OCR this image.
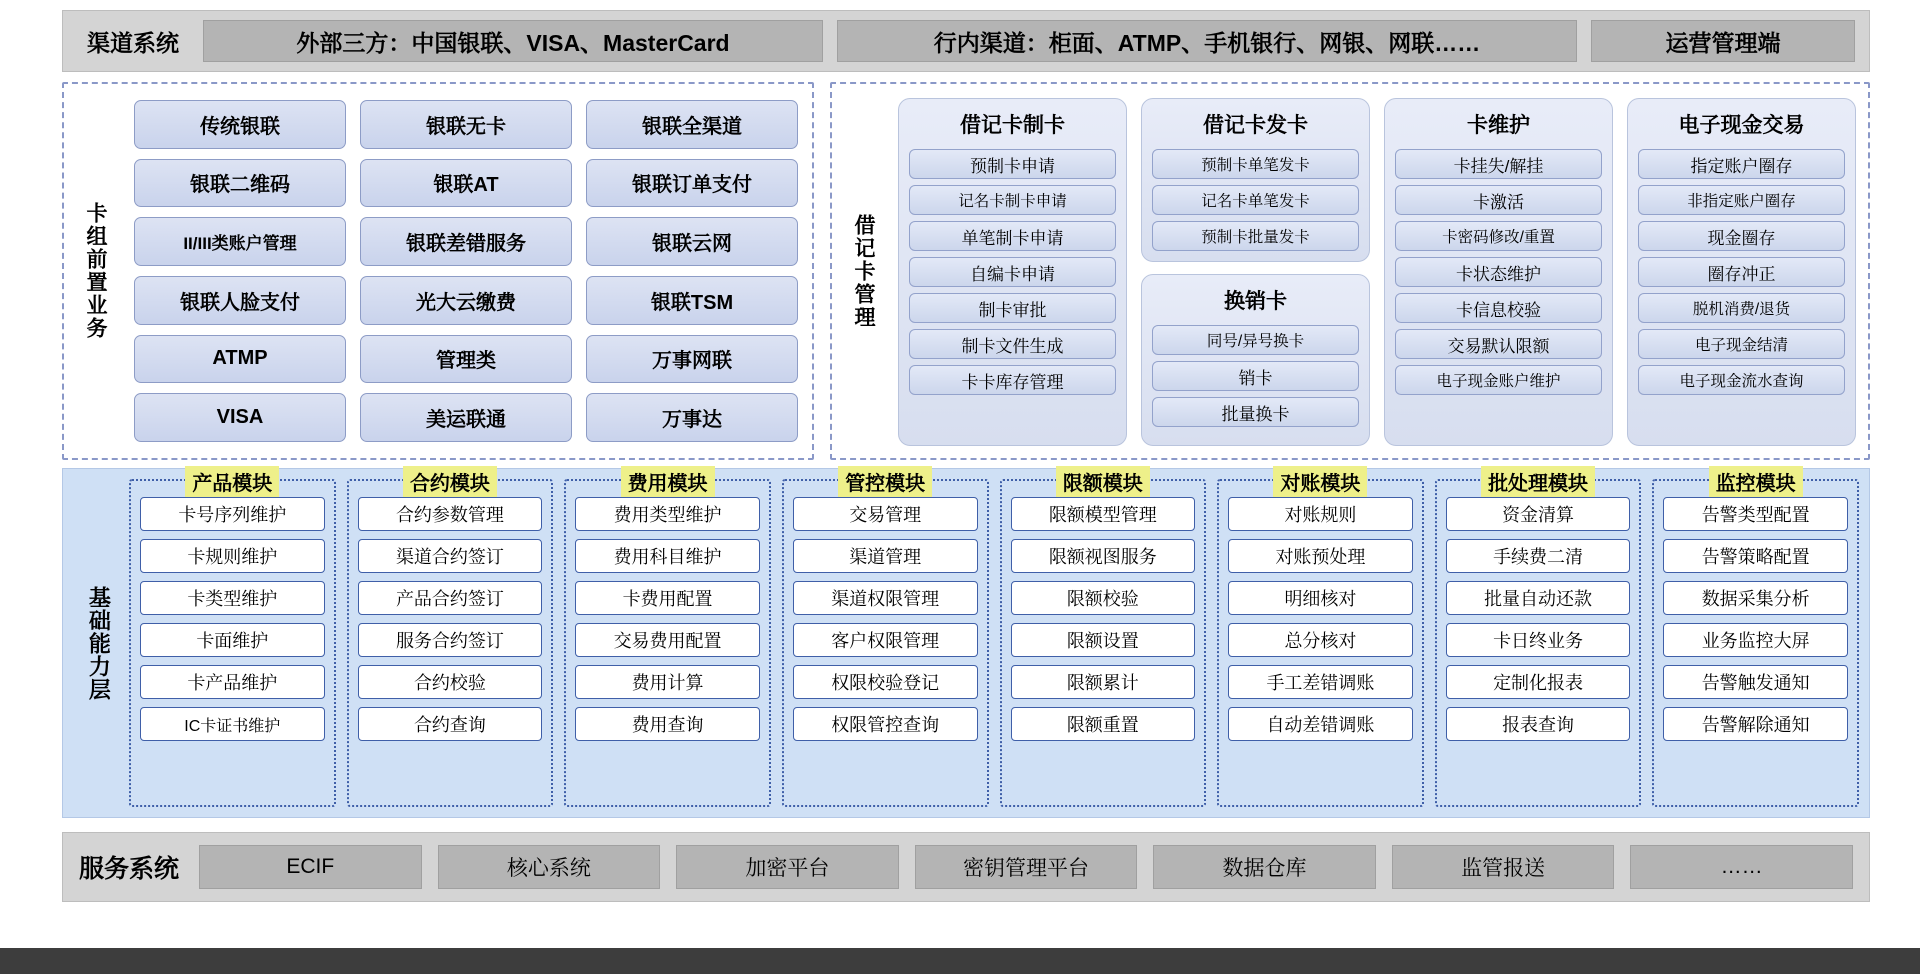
渠道系统	外部三方：中国银联、VISA、MasterCard	行内渠道：柜面、ATMP、手机银行、网银、网联……	运营管理端
卡组前置业务
传统银联	银联无卡	银联全渠道
银联二维码	银联AT	银联订单支付
II/III类账户管理	银联差错服务	银联云网
银联人脸支付	光大云缴费	银联TSM
ATMP	管理类	万事网联
VISA	美运联通	万事达
借记卡管理
借记卡制卡
预制卡申请
记名卡制卡申请
单笔制卡申请
自编卡申请
制卡审批
制卡文件生成
卡卡库存管理
借记卡发卡
预制卡单笔发卡
记名卡单笔发卡
预制卡批量发卡
换销卡
同号/异号换卡
销卡
批量换卡
卡维护
卡挂失/解挂
卡激活
卡密码修改/重置
卡状态维护
卡信息校验
交易默认限额
电子现金账户维护
电子现金交易
指定账户圈存
非指定账户圈存
现金圈存
圈存冲正
脱机消费/退货
电子现金结清
电子现金流水查询
基础能力层
产品模块
卡号序列维护
卡规则维护
卡类型维护
卡面维护
卡产品维护
IC卡证书维护
合约模块
合约参数管理
渠道合约签订
产品合约签订
服务合约签订
合约校验
合约查询
费用模块
费用类型维护
费用科目维护
卡费用配置
交易费用配置
费用计算
费用查询
管控模块
交易管理
渠道管理
渠道权限管理
客户权限管理
权限校验登记
权限管控查询
限额模块
限额模型管理
限额视图服务
限额校验
限额设置
限额累计
限额重置
对账模块
对账规则
对账预处理
明细核对
总分核对
手工差错调账
自动差错调账
批处理模块
资金清算
手续费二清
批量自动还款
卡日终业务
定制化报表
报表查询
监控模块
告警类型配置
告警策略配置
数据采集分析
业务监控大屏
告警触发通知
告警解除通知
服务系统	ECIF	核心系统	加密平台	密钥管理平台	数据仓库	监管报送	……
